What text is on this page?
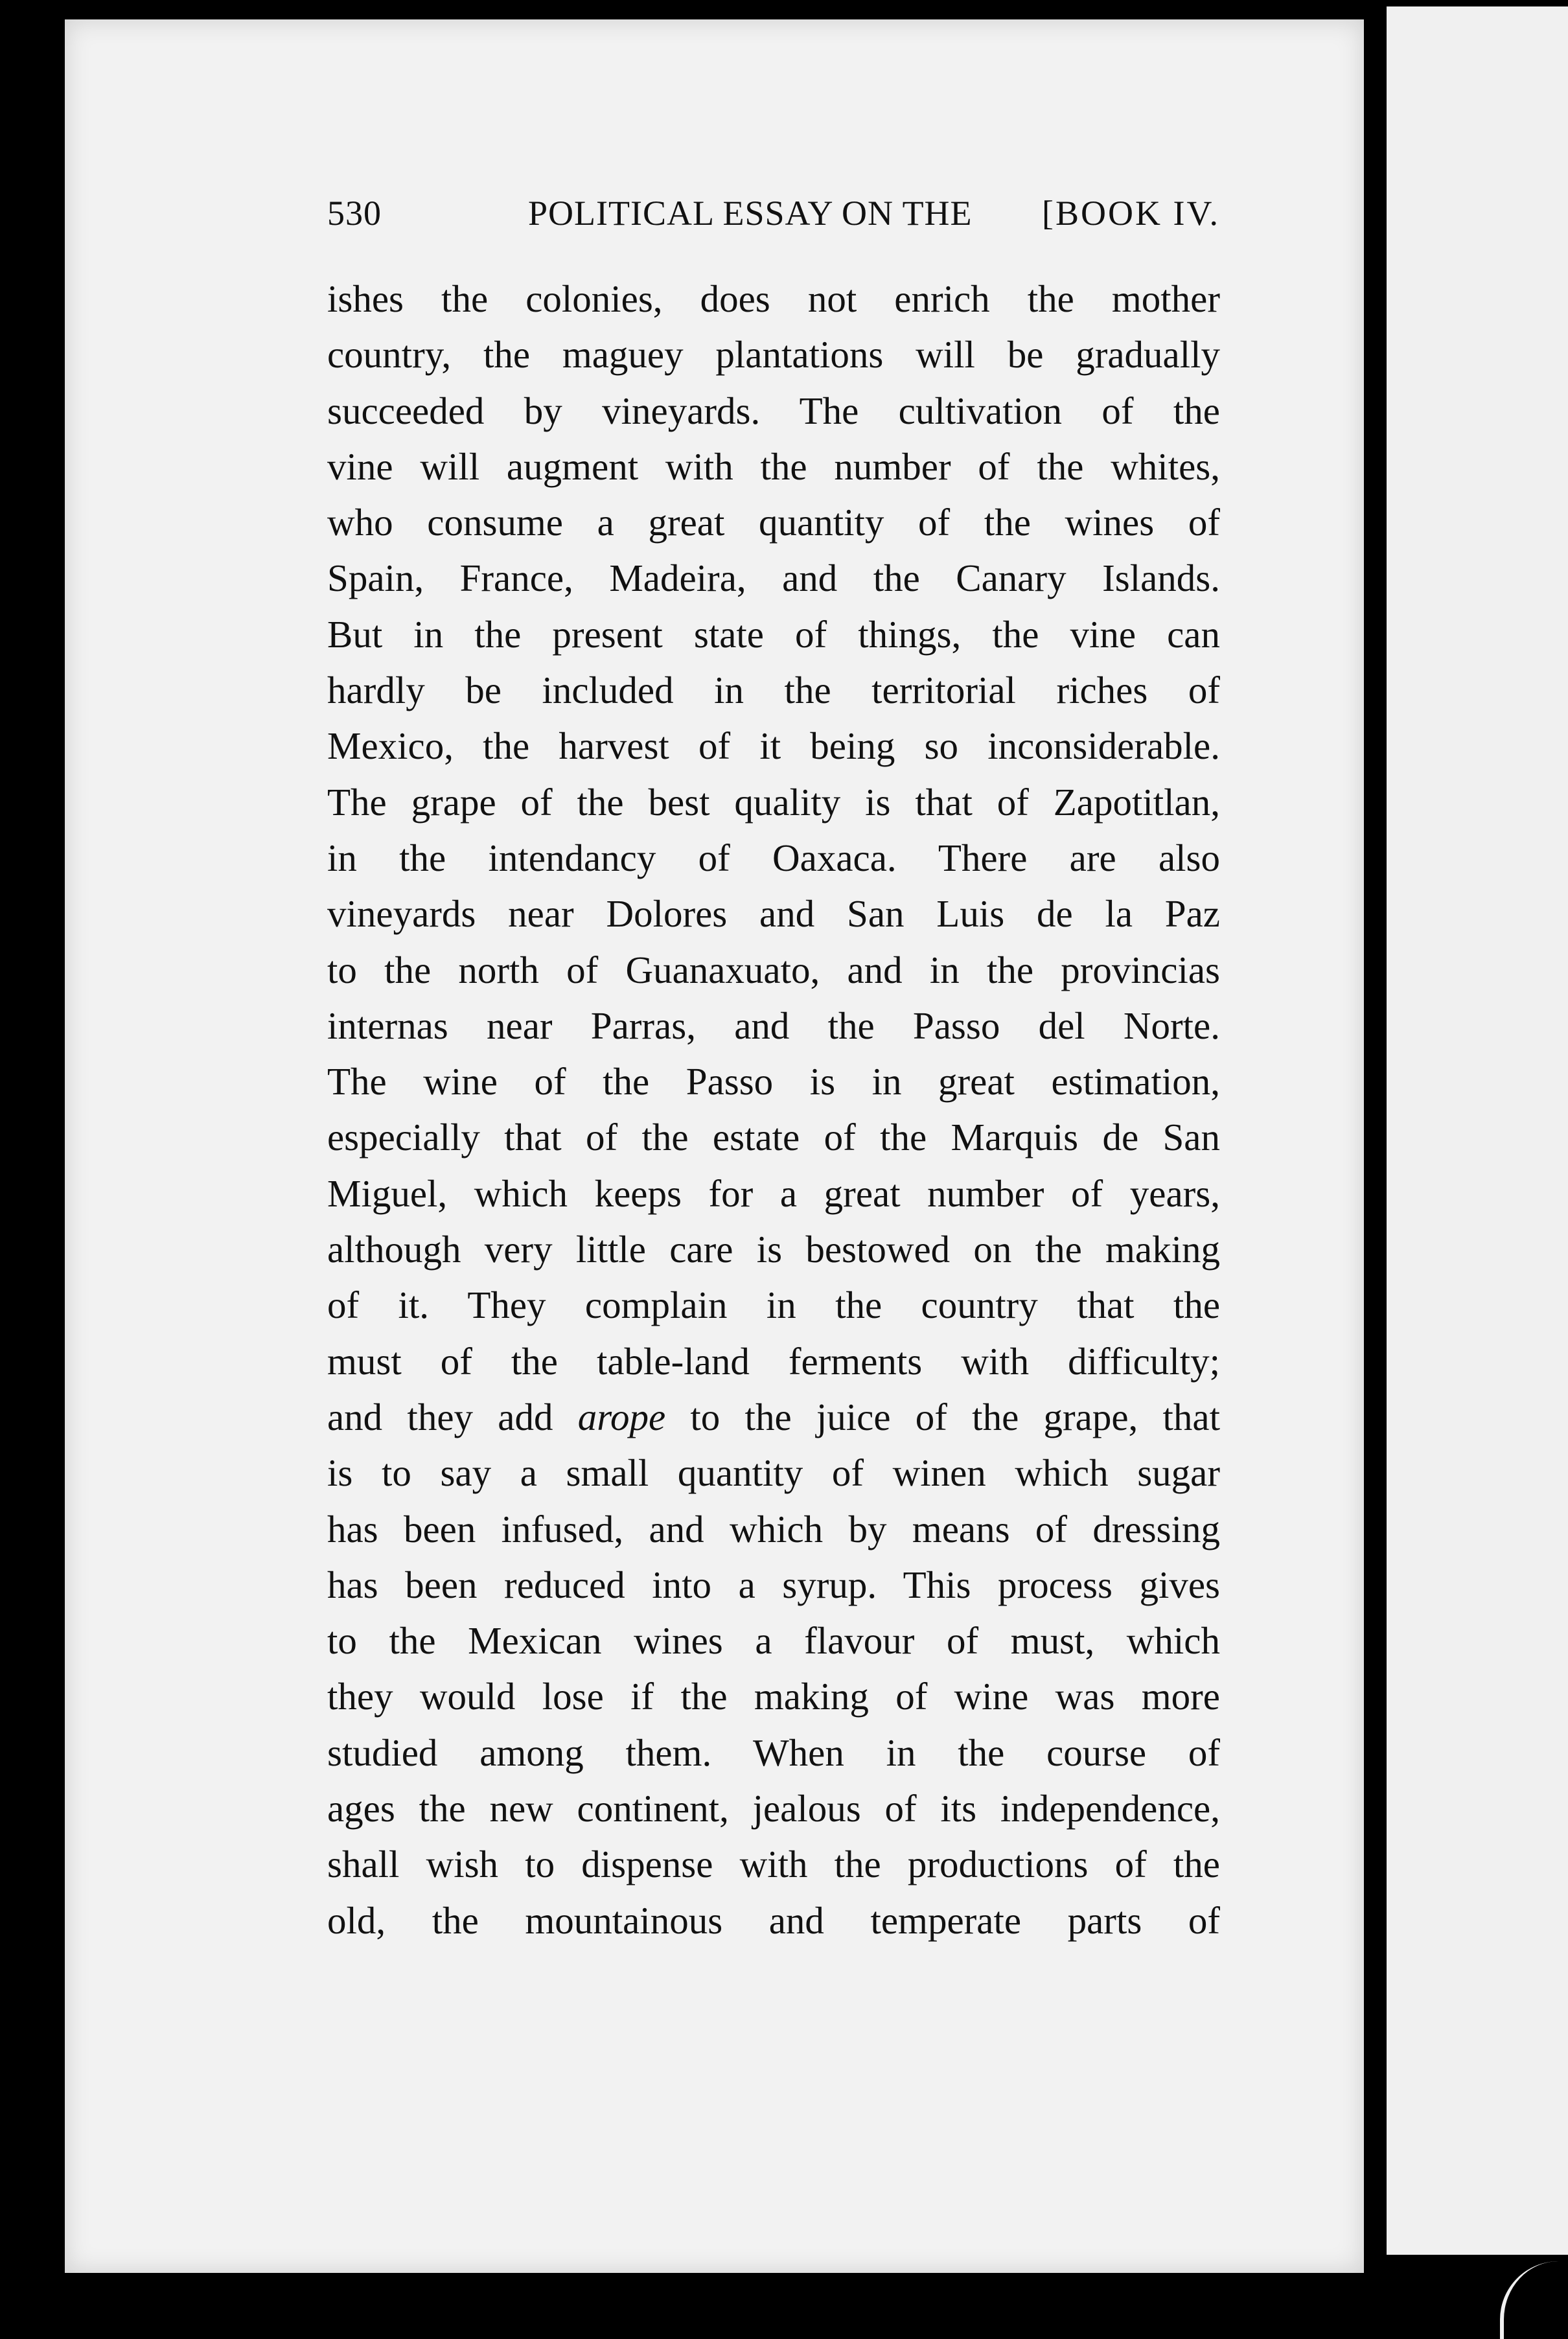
530	POLITICAL ESSAY ON THE [BOOK IV.
ishes the colonies, does not enrich the mother
country, the maguey plantations will be gradually
succeeded by vineyards. The cultivation of the
vine will augment with the number of the whites,
who consume a great quantity of the wines of
Spain, France, Madeira, and the Canary Islands.
But in the present state of things, the vine can
hardly be included in the territorial riches of
Mexico, the harvest of it being so inconsiderable.
The grape of the best quality is that of Zapotitlan,
in the intendancy of Oaxaca. There are also
vineyards near Dolores and San Luis de la Paz
to the north of Guanaxuato, and in the provincias
internas near Parras, and the Passo del Norte.
The wine of the Passo is in great estimation,
especially that of the estate of the Marquis de San
Miguel, which keeps for a great number of years,
although very little care is bestowed on the making
of it. They complain in the country that the
must of the table-land ferments with difficulty;
and they add arope to the juice of the grape, that
is to say a small quantity of winen which sugar
has been infused, and which by means of dressing
has been reduced into a syrup. This process gives
to the Mexican wines a flavour of must, which
they would lose if the making of wine was more
studied among them. When in the course of
ages the new continent, jealous of its independence,
shall wish to dispense with the productions of the
old, the mountainous and temperate parts of
